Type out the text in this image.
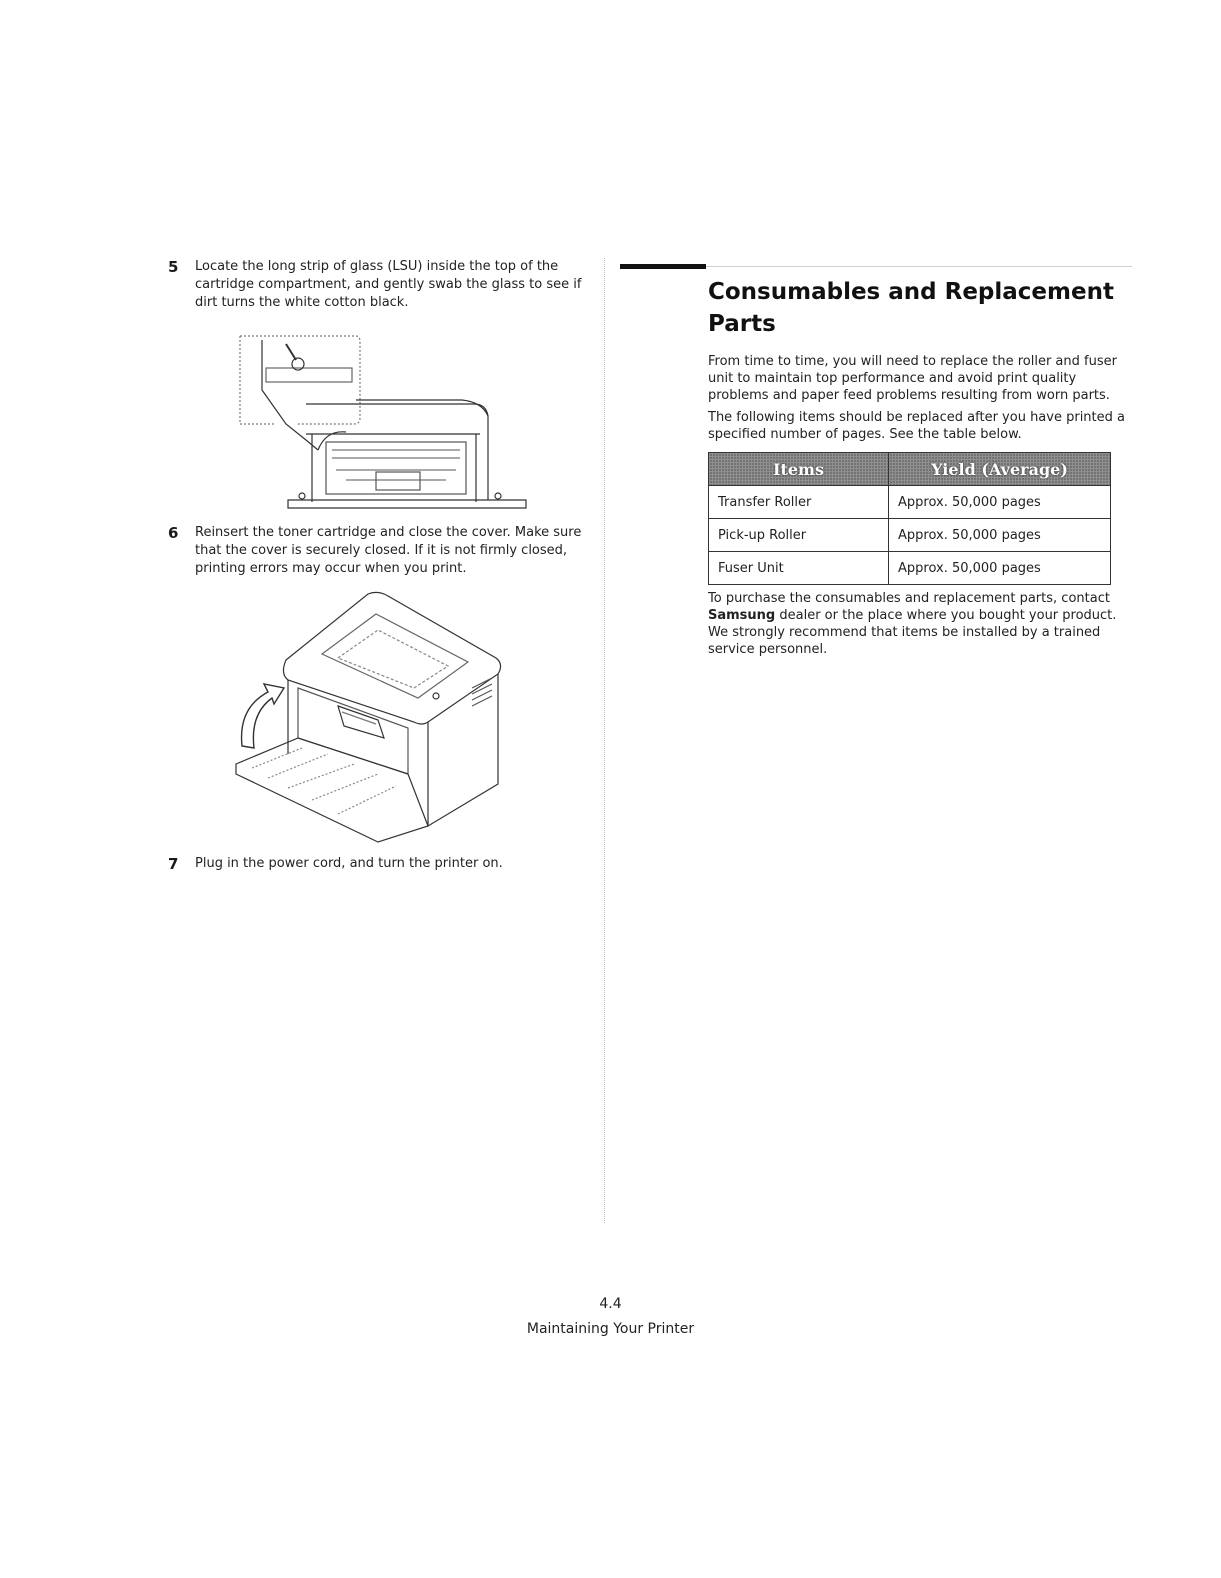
5 Locate the long strip of glass (LSU) inside the top of the cartridge compartment, and gently swab the glass to see if dirt turns the white cotton black.
6 Reinsert the toner cartridge and close the cover. Make sure that the cover is securely closed. If it is not firmly closed, printing errors may occur when you print.
7 Plug in the power cord, and turn the printer on.
Consumables and Replacement Parts

From time to time, you will need to replace the roller and fuser unit to maintain top performance and avoid print quality problems and paper feed problems resulting from worn parts.

The following items should be replaced after you have printed a specified number of pages. See the table below.

Items	Yield (Average)
Transfer Roller	Approx. 50,000 pages
Pick-up Roller	Approx. 50,000 pages
Fuser Unit	Approx. 50,000 pages

To purchase the consumables and replacement parts, contact Samsung dealer or the place where you bought your product. We strongly recommend that items be installed by a trained service personnel.

4.4
Maintaining Your Printer
